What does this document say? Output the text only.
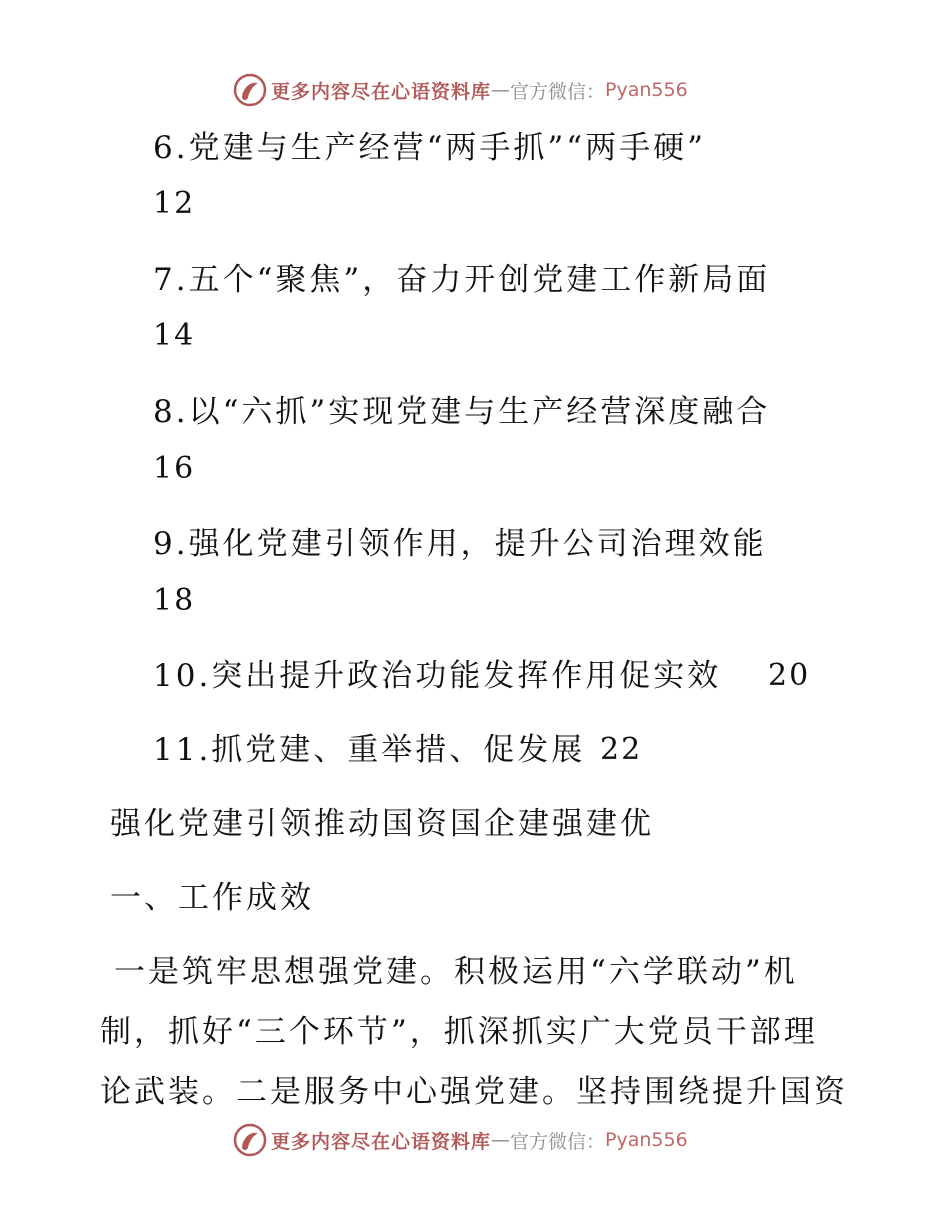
更多内容尽在心语资料库 — 官方微信： Pyan556
6.党建与生产经营“两手抓”“两手硬”
12
7.五个“聚焦”，奋力开创党建工作新局面
14
8.以“六抓”实现党建与生产经营深度融合
16
9.强化党建引领作用，提升公司治理效能
18
10.突出提升政治功能发挥作用促实效 20
11.抓党建、重举措、促发展 22
强化党建引领推动国资国企建强建优
一、工作成效
一是筑牢思想强党建。积极运用“六学联动”机
制，抓好“三个环节”，抓深抓实广大党员干部理
论武装。二是服务中心强党建。坚持围绕提升国资
更多内容尽在心语资料库 — 官方微信： Pyan556
